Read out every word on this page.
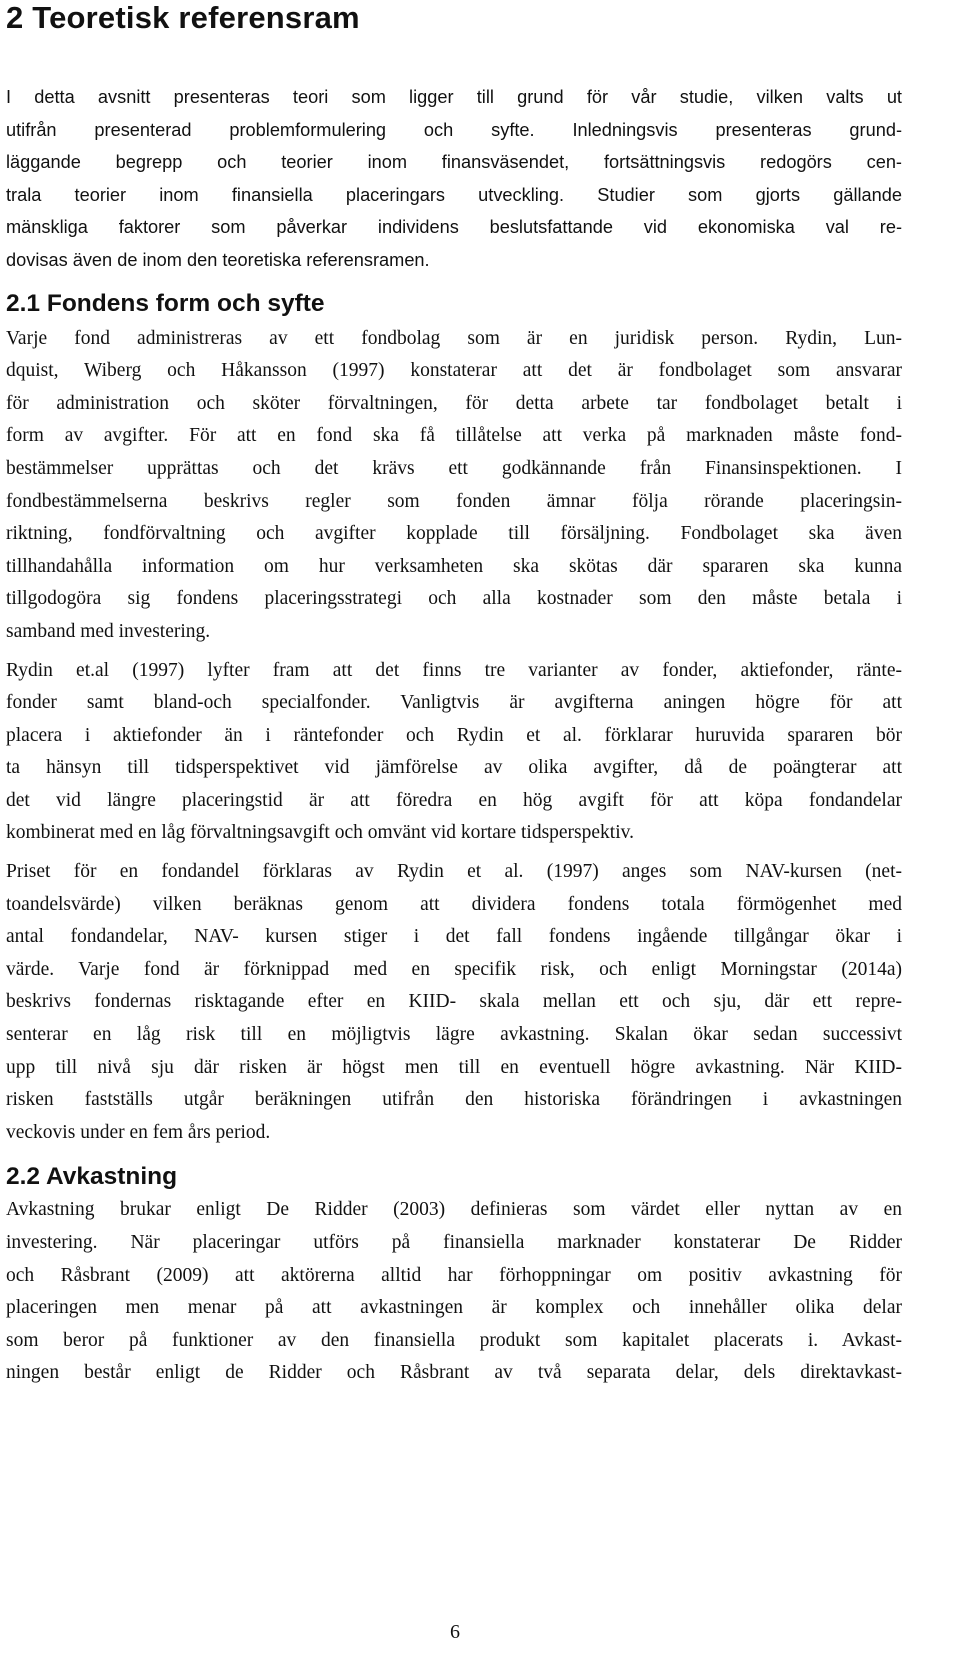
2 Teoretisk referensram
I detta avsnitt presenteras teori som ligger till grund för vår studie, vilken valts ut
utifrån presenterad problemformulering och syfte. Inledningsvis presenteras grund-
läggande begrepp och teorier inom finansväsendet, fortsättningsvis redogörs cen-
trala teorier inom finansiella placeringars utveckling. Studier som gjorts gällande
mänskliga faktorer som påverkar individens beslutsfattande vid ekonomiska val re-
dovisas även de inom den teoretiska referensramen.
2.1 Fondens form och syfte
Varje fond administreras av ett fondbolag som är en juridisk person. Rydin, Lun-
dquist, Wiberg och Håkansson (1997) konstaterar att det är fondbolaget som ansvarar
för administration och sköter förvaltningen, för detta arbete tar fondbolaget betalt i
form av avgifter. För att en fond ska få tillåtelse att verka på marknaden måste fond-
bestämmelser upprättas och det krävs ett godkännande från Finansinspektionen. I
fondbestämmelserna beskrivs regler som fonden ämnar följa rörande placeringsin-
riktning, fondförvaltning och avgifter kopplade till försäljning. Fondbolaget ska även
tillhandahålla information om hur verksamheten ska skötas där spararen ska kunna
tillgodogöra sig fondens placeringsstrategi och alla kostnader som den måste betala i
samband med investering.
Rydin et.al (1997) lyfter fram att det finns tre varianter av fonder, aktiefonder, ränte-
fonder samt bland-och specialfonder. Vanligtvis är avgifterna aningen högre för att
placera i aktiefonder än i räntefonder och Rydin et al. förklarar huruvida spararen bör
ta hänsyn till tidsperspektivet vid jämförelse av olika avgifter, då de poängterar att
det vid längre placeringstid är att föredra en hög avgift för att köpa fondandelar
kombinerat med en låg förvaltningsavgift och omvänt vid kortare tidsperspektiv.
Priset för en fondandel förklaras av Rydin et al. (1997) anges som NAV-kursen (net-
toandelsvärde) vilken beräknas genom att dividera fondens totala förmögenhet med
antal fondandelar, NAV- kursen stiger i det fall fondens ingående tillgångar ökar i
värde. Varje fond är förknippad med en specifik risk, och enligt Morningstar (2014a)
beskrivs fondernas risktagande efter en KIID- skala mellan ett och sju, där ett repre-
senterar en låg risk till en möjligtvis lägre avkastning. Skalan ökar sedan successivt
upp till nivå sju där risken är högst men till en eventuell högre avkastning. När KIID-
risken fastställs utgår beräkningen utifrån den historiska förändringen i avkastningen
veckovis under en fem års period.
2.2 Avkastning
Avkastning brukar enligt De Ridder (2003) definieras som värdet eller nyttan av en
investering. När placeringar utförs på finansiella marknader konstaterar De Ridder
och Råsbrant (2009) att aktörerna alltid har förhoppningar om positiv avkastning för
placeringen men menar på att avkastningen är komplex och innehåller olika delar
som beror på funktioner av den finansiella produkt som kapitalet placerats i. Avkast-
ningen består enligt de Ridder och Råsbrant av två separata delar, dels direktavkast-
6
